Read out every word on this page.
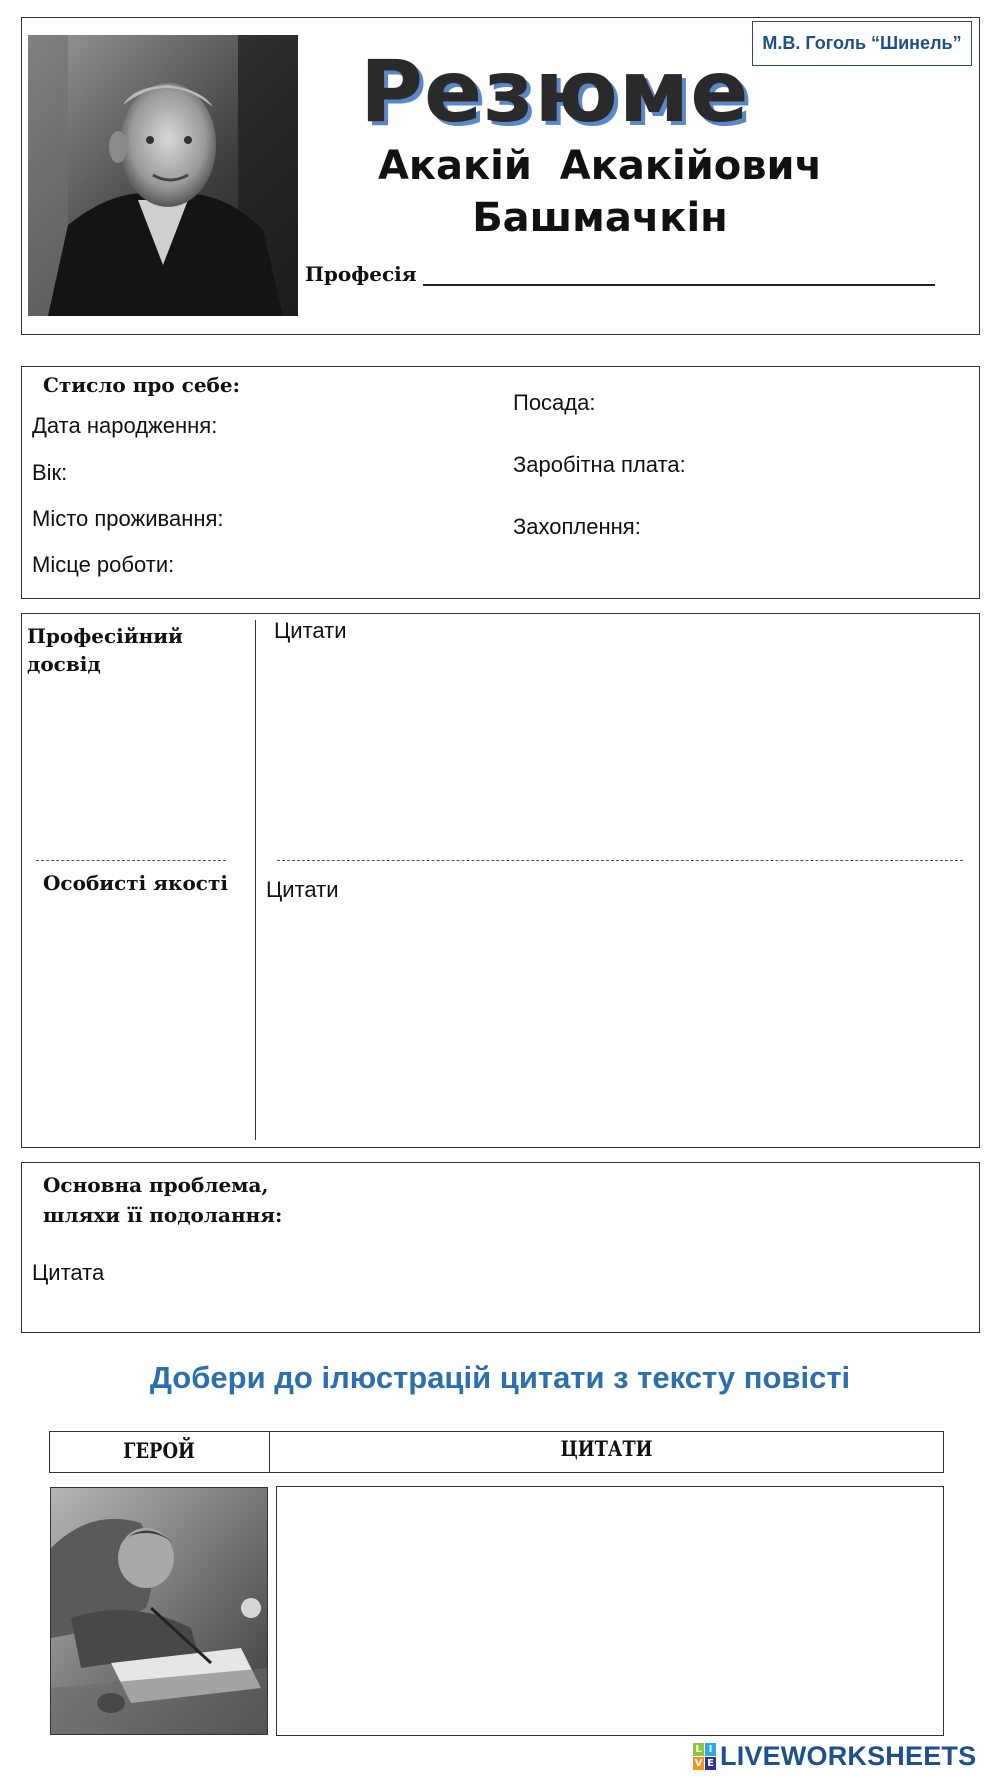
М.В. Гоголь “Шинель”
Резюме
Акакій  Акакійович
Башмачкін
Професія
Стисло про себе:
Дата народження:
Вік:
Місто проживання:
Місце роботи:
Посада:
Заробітна плата:
Захоплення:
Професійний
досвід
Цитати
Особисті якості Цитати
Основна проблема,
шляхи її подолання:
Цитата
Добери до ілюстрацій цитати з тексту повісті
ГЕРОЙ	ЦИТАТИ
L I
V E LIVEWORKSHEETS
